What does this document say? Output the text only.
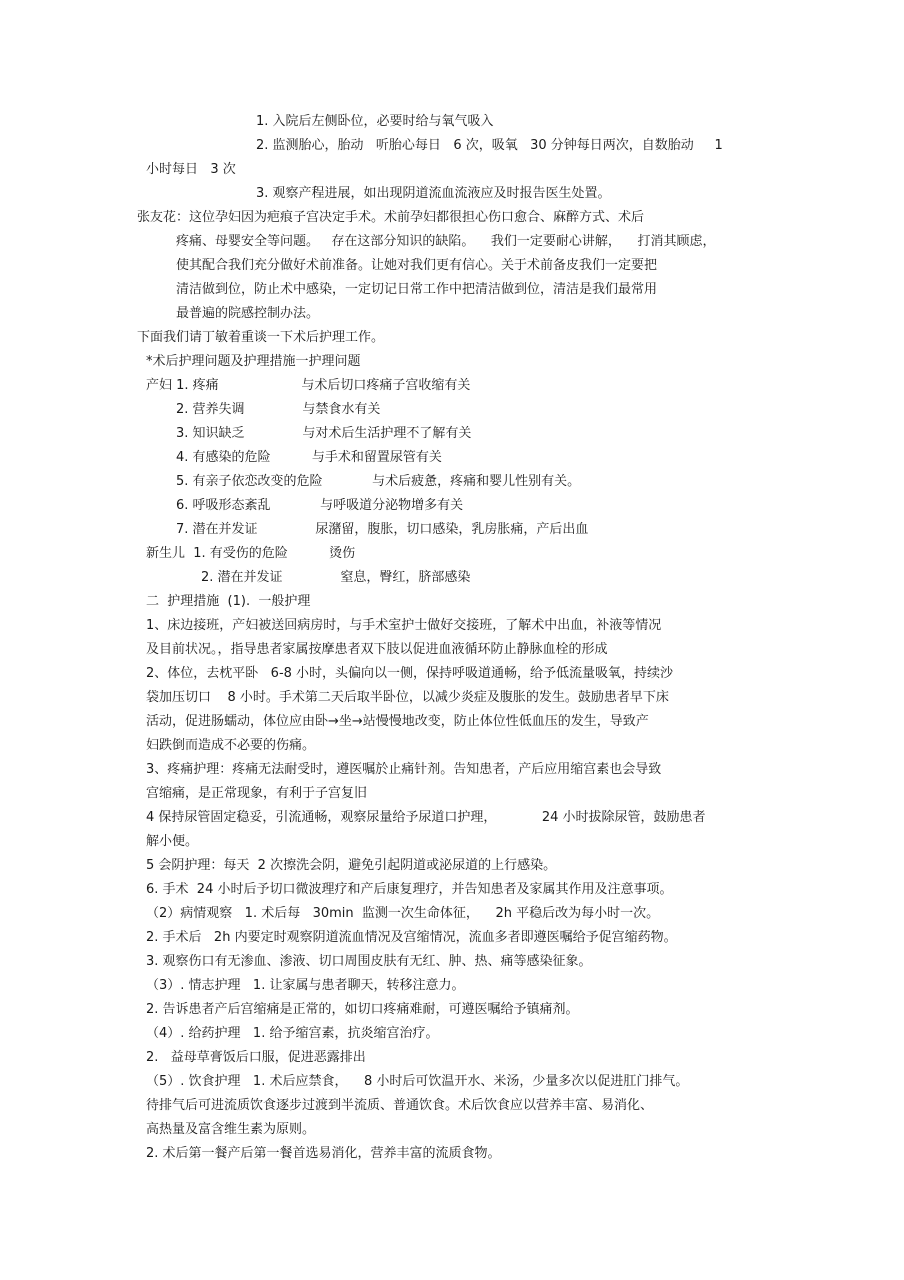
1. 入院后左侧卧位，必要时给与氧气吸入
2. 监测胎心，胎动   听胎心每日   6 次，吸氧   30 分钟每日两次，自数胎动     1
小时每日   3 次
3. 观察产程进展，如出现阴道流血流液应及时报告医生处置。
张友花：这位孕妇因为疤痕子宫决定手术。术前孕妇都很担心伤口愈合、麻醉方式、术后
疼痛、母婴安全等问题。   存在这部分知识的缺陷。    我们一定要耐心讲解，    打消其顾虑，
使其配合我们充分做好术前准备。让她对我们更有信心。关于术前备皮我们一定要把
清洁做到位，防止术中感染，一定切记日常工作中把清洁做到位，清洁是我们最常用
最普遍的院感控制办法。
下面我们请丁敏着重谈一下术后护理工作。
*术后护理问题及护理措施一护理问题
产妇 1. 疼痛                    与术后切口疼痛子宫收缩有关
2. 营养失调              与禁食水有关
3. 知识缺乏              与对术后生活护理不了解有关
4. 有感染的危险          与手术和留置尿管有关
5. 有亲子依恋改变的危险            与术后疲惫，疼痛和婴儿性别有关。
6. 呼吸形态紊乱            与呼吸道分泌物增多有关
7. 潜在并发证              尿潴留，腹胀，切口感染，乳房胀痛，产后出血
新生儿  1. 有受伤的危险          烫伤
2. 潜在并发证              窒息，臀红，脐部感染
二  护理措施  (1).  一般护理
1、床边接班，产妇被送回病房时，与手术室护士做好交接班，了解术中出血，补液等情况
及目前状况。，指导患者家属按摩患者双下肢以促进血液循环防止静脉血栓的形成
2、体位，去枕平卧   6-8 小时，头偏向以一侧，保持呼吸道通畅，给予低流量吸氧，持续沙
袋加压切口    8 小时。手术第二天后取半卧位，以减少炎症及腹胀的发生。鼓励患者早下床
活动，促进肠蠕动，体位应由卧→坐→站慢慢地改变，防止体位性低血压的发生，导致产
妇跌倒而造成不必要的伤痛。
3、疼痛护理：疼痛无法耐受时，遵医嘱於止痛针剂。告知患者，产后应用缩宫素也会导致
宫缩痛，是正常现象，有利于子宫复旧
4 保持尿管固定稳妥，引流通畅，观察尿量给予尿道口护理，           24 小时拔除尿管，鼓励患者
解小便。
5 会阴护理：每天  2 次擦洗会阴，避免引起阴道或泌尿道的上行感染。
6. 手术  24 小时后予切口微波理疗和产后康复理疗，并告知患者及家属其作用及注意事项。
（2）病情观察   1. 术后每   30min  监测一次生命体征，    2h 平稳后改为每小时一次。
2. 手术后   2h 内要定时观察阴道流血情况及宫缩情况，流血多者即遵医嘱给予促宫缩药物。
3. 观察伤口有无渗血、渗液、切口周围皮肤有无红、肿、热、痛等感染征象。
（3）. 情志护理   1. 让家属与患者聊天，转移注意力。
2. 告诉患者产后宫缩痛是正常的，如切口疼痛难耐，可遵医嘱给予镇痛剂。
（4）. 给药护理   1. 给予缩宫素，抗炎缩宫治疗。
2.   益母草膏饭后口服，促进恶露排出
（5）. 饮食护理   1. 术后应禁食，    8 小时后可饮温开水、米汤，少量多次以促进肛门排气。
待排气后可进流质饮食逐步过渡到半流质、普通饮食。术后饮食应以营养丰富、易消化、
高热量及富含维生素为原则。
2. 术后第一餐产后第一餐首选易消化，营养丰富的流质食物。
